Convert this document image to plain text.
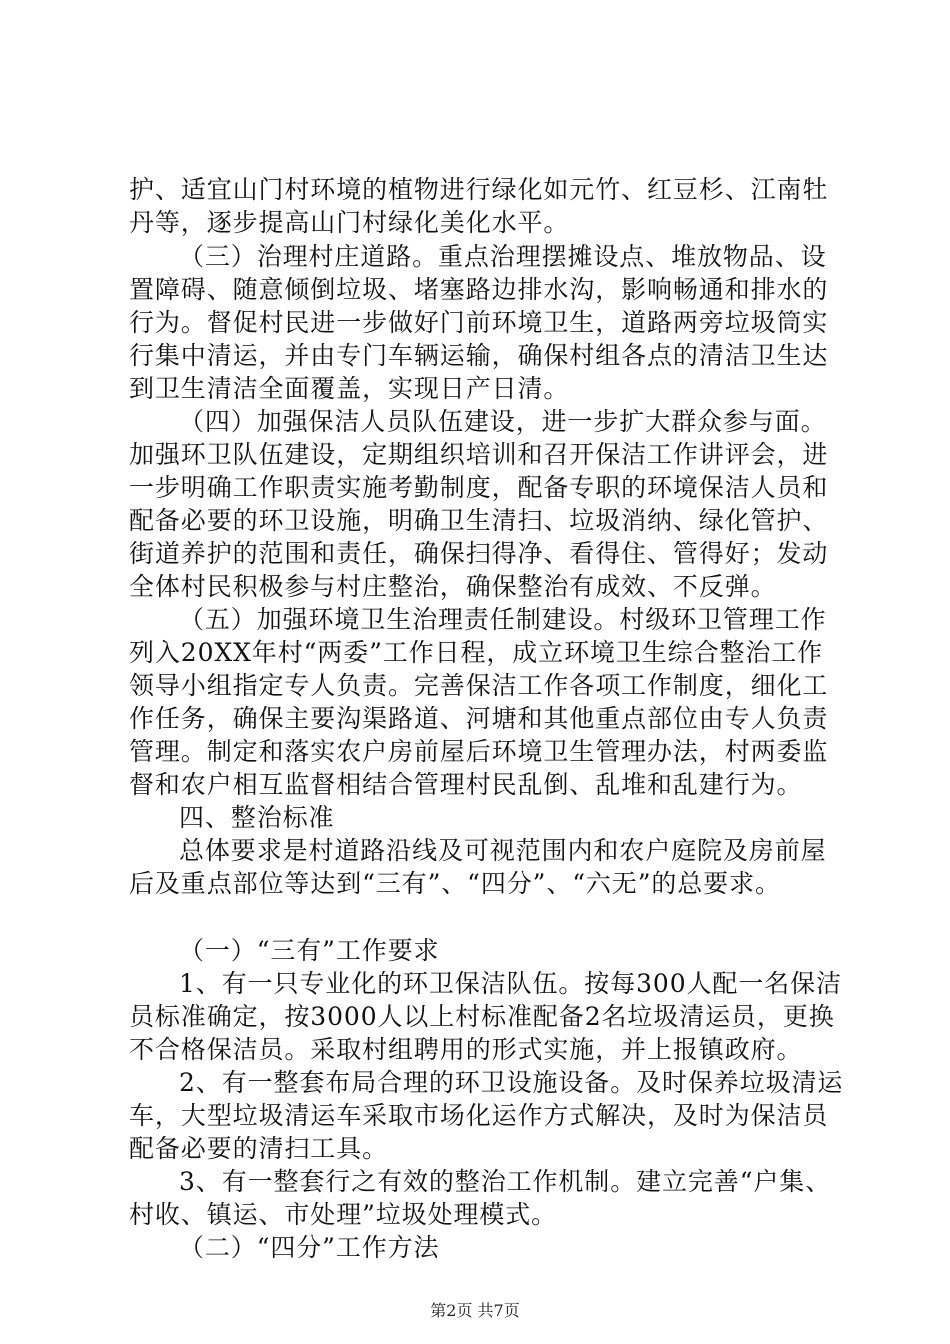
护、适宜山门村环境的植物进行绿化如元竹、红豆杉、江南牡
丹等，逐步提高山门村绿化美化水平。
（三）治理村庄道路。重点治理摆摊设点、堆放物品、设
置障碍、随意倾倒垃圾、堵塞路边排水沟，影响畅通和排水的
行为。督促村民进一步做好门前环境卫生，道路两旁垃圾筒实
行集中清运，并由专门车辆运输，确保村组各点的清洁卫生达
到卫生清洁全面覆盖，实现日产日清。
（四）加强保洁人员队伍建设，进一步扩大群众参与面。
加强环卫队伍建设，定期组织培训和召开保洁工作讲评会，进
一步明确工作职责实施考勤制度，配备专职的环境保洁人员和
配备必要的环卫设施，明确卫生清扫、垃圾消纳、绿化管护、
街道养护的范围和责任，确保扫得净、看得住、管得好；发动
全体村民积极参与村庄整治，确保整治有成效、不反弹。
（五）加强环境卫生治理责任制建设。村级环卫管理工作
列入20XX年村“两委”工作日程，成立环境卫生综合整治工作
领导小组指定专人负责。完善保洁工作各项工作制度，细化工
作任务，确保主要沟渠路道、河塘和其他重点部位由专人负责
管理。制定和落实农户房前屋后环境卫生管理办法，村两委监
督和农户相互监督相结合管理村民乱倒、乱堆和乱建行为。
四、整治标准
总体要求是村道路沿线及可视范围内和农户庭院及房前屋
后及重点部位等达到“三有”、“四分”、“六无”的总要求。
（一）“三有”工作要求
1、有一只专业化的环卫保洁队伍。按每300人配一名保洁
员标准确定，按3000人以上村标准配备2名垃圾清运员，更换
不合格保洁员。采取村组聘用的形式实施，并上报镇政府。
2、有一整套布局合理的环卫设施设备。及时保养垃圾清运
车，大型垃圾清运车采取市场化运作方式解决，及时为保洁员
配备必要的清扫工具。
3、有一整套行之有效的整治工作机制。建立完善“户集、
村收、镇运、市处理”垃圾处理模式。
（二）“四分”工作方法
第2页 共7页
